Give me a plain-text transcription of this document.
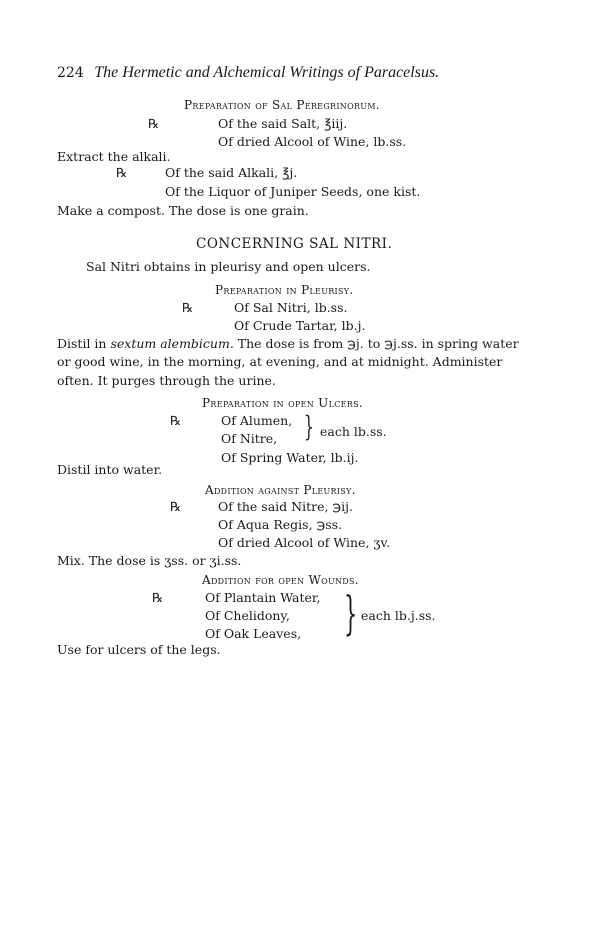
224 The Hermetic and Alchemical Writings of Paracelsus.
Preparation of Sal Peregrinorum.
℞	Of the said Salt, ℥iij.
Of dried Alcool of Wine, lb.ss.
Extract the alkali.
℞	Of the said Alkali, ℥j.
Of the Liquor of Juniper Seeds, one kist.
Make a compost. The dose is one grain.
CONCERNING SAL NITRI.
Sal Nitri obtains in pleurisy and open ulcers.
Preparation in Pleurisy.
℞	Of Sal Nitri, lb.ss.
Of Crude Tartar, lb.j.
Distil in sextum alembicum. The dose is from ℈j. to ℈j.ss. in spring water
or good wine, in the morning, at evening, and at midnight. Administer
often. It purges through the urine.
Preparation in open Ulcers.
℞	Of Alumen,
Of Nitre, } each lb.ss.
Of Spring Water, lb.ij.
Distil into water.
Addition against Pleurisy.
℞	Of the said Nitre, ℈ij.
Of Aqua Regis, ℈ss.
Of dried Alcool of Wine, ʒv.
Mix. The dose is ʒss. or ʒi.ss.
Addition for open Wounds.
℞	Of Plantain Water,
Of Chelidony,
Of Oak Leaves, } each lb.j.ss.
Use for ulcers of the legs.
